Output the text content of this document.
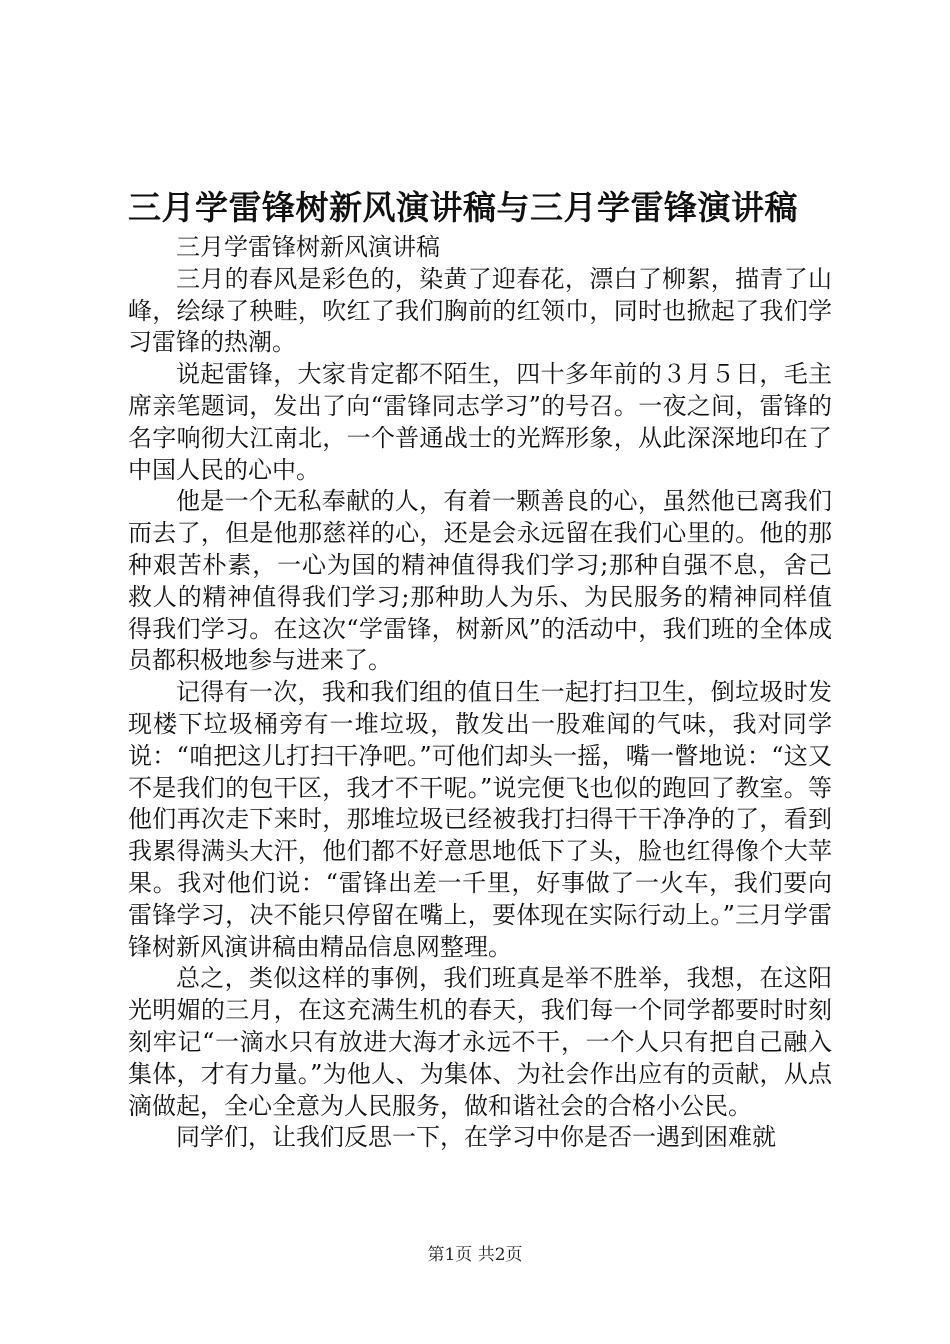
三月学雷锋树新风演讲稿与三月学雷锋演讲稿

三月学雷锋树新风演讲稿

三月的春风是彩色的，染黄了迎春花，漂白了柳絮，描青了山峰，绘绿了秧畦，吹红了我们胸前的红领巾，同时也掀起了我们学习雷锋的热潮。

说起雷锋，大家肯定都不陌生，四十多年前的３月５日，毛主席亲笔题词，发出了向“雷锋同志学习”的号召。一夜之间，雷锋的名字响彻大江南北，一个普通战士的光辉形象，从此深深地印在了中国人民的心中。

他是一个无私奉献的人，有着一颗善良的心，虽然他已离我们而去了，但是他那慈祥的心，还是会永远留在我们心里的。他的那种艰苦朴素，一心为国的精神值得我们学习;那种自强不息，舍己救人的精神值得我们学习;那种助人为乐、为民服务的精神同样值得我们学习。在这次“学雷锋，树新风”的活动中，我们班的全体成员都积极地参与进来了。

记得有一次，我和我们组的值日生一起打扫卫生，倒垃圾时发现楼下垃圾桶旁有一堆垃圾，散发出一股难闻的气味，我对同学说：“咱把这儿打扫干净吧。”可他们却头一摇，嘴一瞥地说：“这又不是我们的包干区，我才不干呢。”说完便飞也似的跑回了教室。等他们再次走下来时，那堆垃圾已经被我打扫得干干净净的了，看到我累得满头大汗，他们都不好意思地低下了头，脸也红得像个大苹果。我对他们说：“雷锋出差一千里，好事做了一火车，我们要向雷锋学习，决不能只停留在嘴上，要体现在实际行动上。”三月学雷锋树新风演讲稿由精品信息网整理。

总之，类似这样的事例，我们班真是举不胜举，我想，在这阳光明媚的三月，在这充满生机的春天，我们每一个同学都要时时刻刻牢记“一滴水只有放进大海才永远不干，一个人只有把自己融入集体，才有力量。”为他人、为集体、为社会作出应有的贡献，从点滴做起，全心全意为人民服务，做和谐社会的合格小公民。

同学们，让我们反思一下，在学习中你是否一遇到困难就

第1页 共2页
